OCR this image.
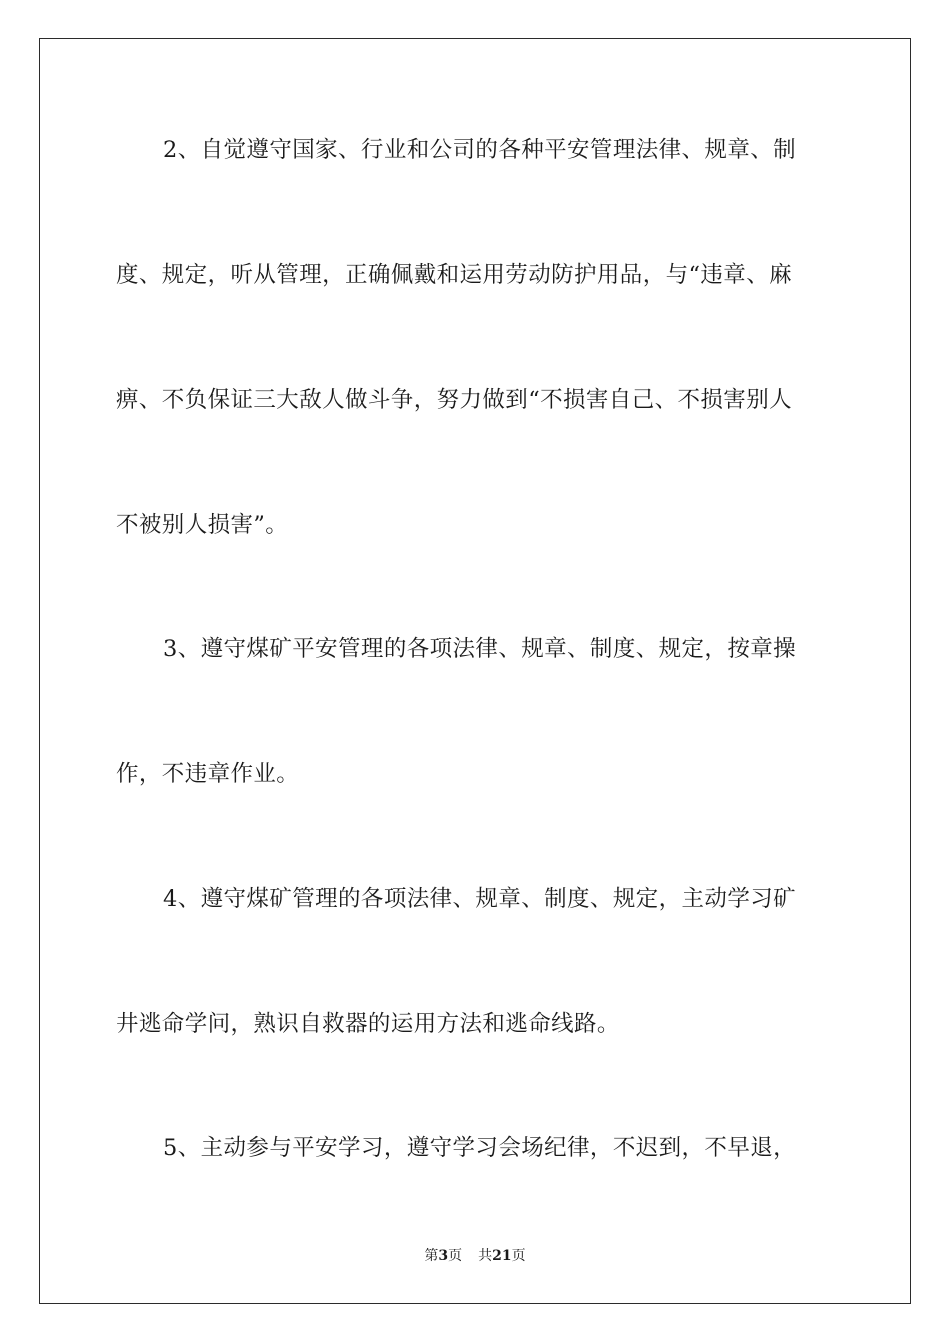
2、自觉遵守国家、行业和公司的各种平安管理法律、规章、制
度、规定，听从管理，正确佩戴和运用劳动防护用品，与“违章、麻
痹、不负保证三大敌人做斗争，努力做到“不损害自己、不损害别人
不被别人损害”。
3、遵守煤矿平安管理的各项法律、规章、制度、规定，按章操
作，不违章作业。
4、遵守煤矿管理的各项法律、规章、制度、规定，主动学习矿
井逃命学问，熟识自救器的运用方法和逃命线路。
5、主动参与平安学习，遵守学习会场纪律，不迟到，不早退，
第3页 共21页
